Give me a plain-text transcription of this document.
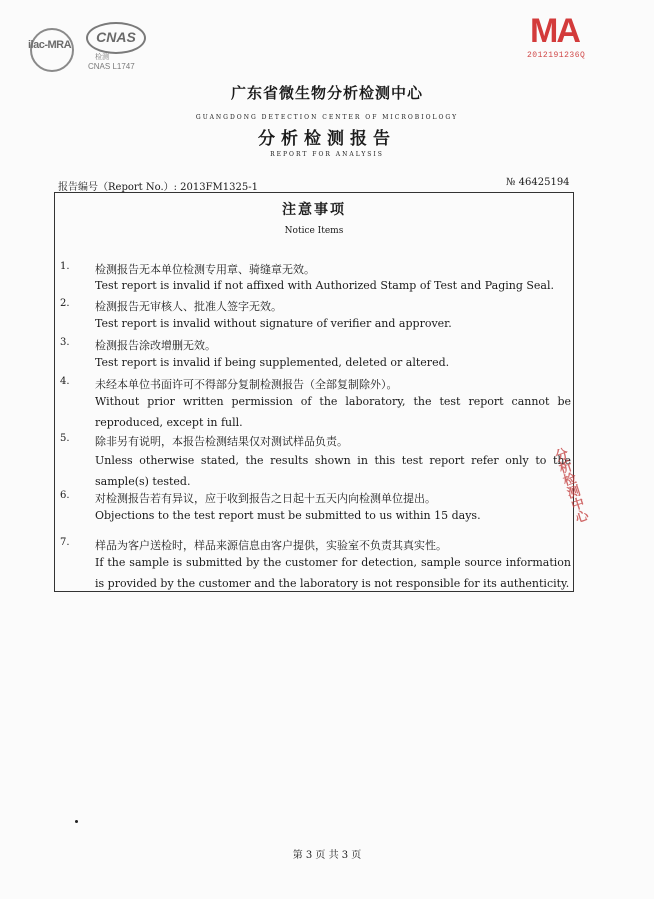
ilac-MRA	CNAS
检测
CNAS L1747
MA
2012191236Q
广东省微生物分析检测中心
GUANGDONG DETECTION CENTER OF MICROBIOLOGY
分析检测报告
REPORT FOR ANALYSIS
报告编号（Report No.）: 2013FM1325-1	№ 46425194
注意事项
Notice Items
1. 检测报告无本单位检测专用章、骑缝章无效。
Test report is invalid if not affixed with Authorized Stamp of Test and Paging Seal.
2. 检测报告无审核人、批准人签字无效。
Test report is invalid without signature of verifier and approver.
3. 检测报告涂改增删无效。
Test report is invalid if being supplemented, deleted or altered.
4. 未经本单位书面许可不得部分复制检测报告（全部复制除外）。
Without prior written permission of the laboratory, the test report cannot be reproduced, except in full.
5. 除非另有说明，本报告检测结果仅对测试样品负责。
Unless otherwise stated, the results shown in this test report refer only to the sample(s) tested.
6. 对检测报告若有异议，应于收到报告之日起十五天内向检测单位提出。
Objections to the test report must be submitted to us within 15 days.
7. 样品为客户送检时，样品来源信息由客户提供，实验室不负责其真实性。
If the sample is submitted by the customer for detection, sample source information is provided by the customer and the laboratory is not responsible for its authenticity.
分析检测中心
第 3 页 共 3 页
